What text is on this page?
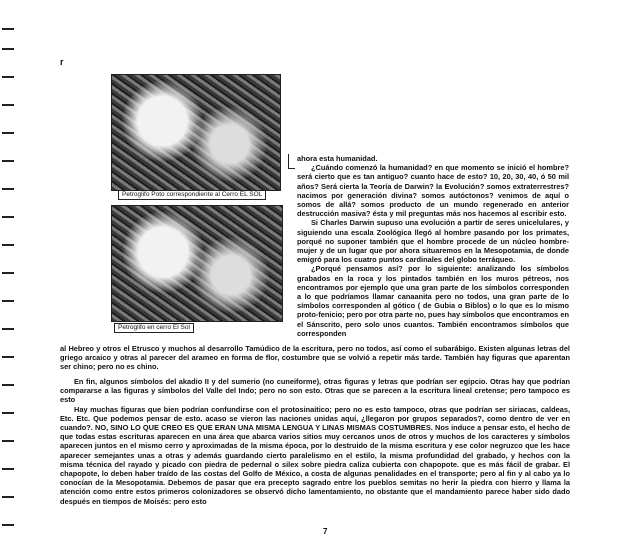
r
Petroglifo Poto correspondiente al Cerro EL SOL
Petroglifo en cerro El Sol

ahora esta humanidad.

¿Cuándo comenzó la humanidad? en que momento se inició el hombre? será cierto que es tan antiguo? cuanto hace de esto? 10, 20, 30, 40, ó 50 mil años? Será cierta la Teoría de Darwin? la Evolución? somos extraterrestres? nacimos por generación divina? somos autóctonos? venimos de aquí o somos de allá? somos producto de un mundo regenerado en anterior destrucción masiva? ésta y mil preguntas más nos hacemos al escribir esto.

Si Charles Darwin supuso una evolución a partir de seres unicelulares, y siguiendo una escala Zoológica llegó al hombre pasando por los primates, porqué no suponer también que el hombre procede de un núcleo hombre-mujer y de un lugar que por ahora situaremos en la Mesopotamia, de donde emigró para los cuatro puntos cardinales del globo terráqueo.

¿Porqué pensamos así? por lo siguiente: analizando los símbolos grabados en la roca y los pintados también en los muros pétreos, nos encontramos por ejemplo que una gran parte de los símbolos corresponden a lo que podríamos llamar canaanita pero no todos, una gran parte de lo símbolos corresponden al gótico ( de Gubia o Biblos) o lo que es lo mismo proto-fenicio; pero por otra parte no, pues hay símbolos que encontramos en el Sánscrito, pero solo unos cuantos. También encontramos símbolos que corresponden

al Hebreo y otros el Etrusco y muchos al desarrollo Tamúdico de la escritura, pero no todos, así como el subarábigo. Existen algunas letras del griego arcaico y otras al parecer del arameo en forma de flor, costumbre que se volvió a repetir más tarde. También hay figuras que aparentan ser chino; pero no es chino.

En fin, algunos símbolos del akadio II y del sumerio (no cuneiforme), otras figuras y letras que podrían ser egipcio. Otras hay que podrían compararse a las figuras y símbolos del Valle del Indo; pero no son esto. Otras que se parecen a la escritura lineal cretense; pero tampoco es esto

Hay muchas figuras que bien podrían confundirse con el protosinaítico; pero no es esto tampoco, otras que podrían ser siriacas, caldeas, Etc. Etc. Que podemos pensar de esto. acaso se vieron las naciones unidas aquí, ¿llegaron por grupos separados?, como dentro de ver en cuando?. NO, SINO LO QUE CREO ES QUE ERAN UNA MISMA LENGUA Y LINAS MISMAS COSTUMBRES. Nos induce a pensar esto, el hecho de que todas estas escrituras aparecen en una área que abarca varios sitios muy cercanos unos de otros y muchos de los caracteres y símbolos aparecen juntos en el mismo cerro y aproximadas de la misma época, por lo destruido de la misma escritura y ese color negruzco que les hace aparecer semejantes unas a otras y además guardando cierto paralelismo en el estilo, la misma profundidad del grabado, y hechos con la misma técnica del rayado y picado con piedra de pedernal o silex sobre piedra caliza cubierta con chapopote. que es más fácil de grabar. El chapopote, lo deben haber traído de las costas del Golfo de México, a costa de algunas penalidades en el transporte; pero al fin y al cabo ya lo conocían de la Mesopotamia. Debemos de pasar que era precepto sagrado entre los pueblos semitas no herir la piedra con hierro y llama la atención como entre estos primeros colonizadores se observó dicho lamentamiento, no obstante que el mandamiento parece haber sido dado después en tiempos de Moisés: pero esto

7
